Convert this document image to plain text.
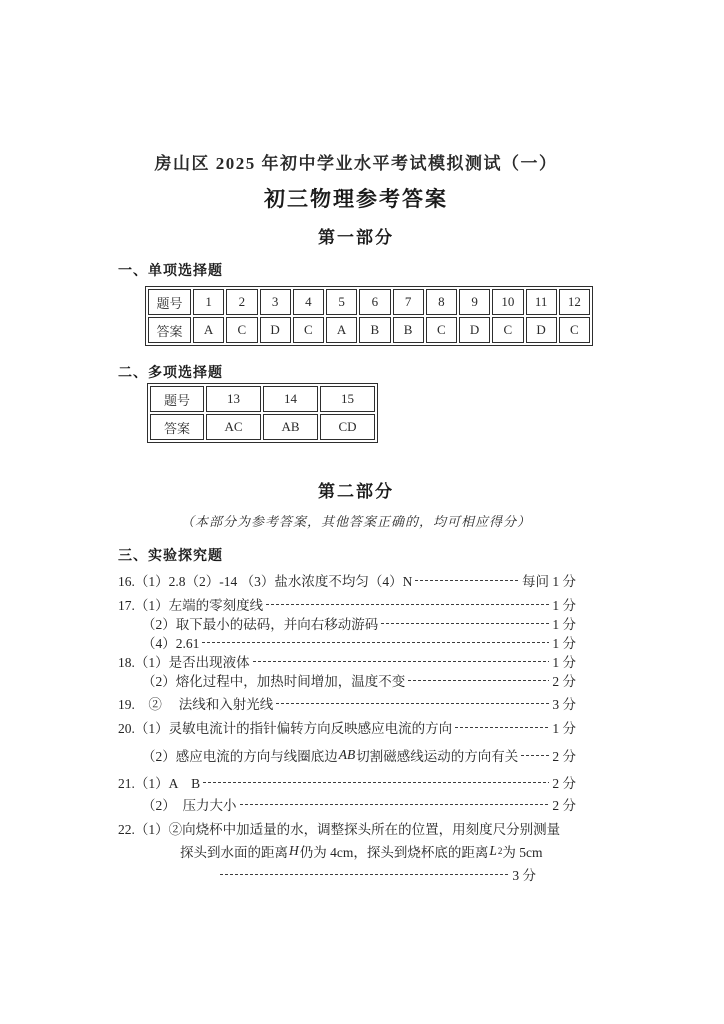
房山区 2025 年初中学业水平考试模拟测试（一）
初三物理参考答案
第一部分
一、单项选择题
题号	1	2	3	4	5	6	7	8	9	10	11	12
答案	A	C	D	C	A	B	B	C	D	C	D	C
二、多项选择题
题号	13	14	15
答案	AC	AB	CD
第二部分
（本部分为参考答案，其他答案正确的，均可相应得分）
三、实验探究题
16.（1）2.8（2）-14 （3）盐水浓度不均匀（4）N	每问 1 分
17.（1）左端的零刻度线	1 分
（2）取下最小的砝码，并向右移动游码	1 分
（4）2.61	1 分
18.（1）是否出现液体	1 分
（2）熔化过程中，加热时间增加，温度不变	2 分
19.　②　 法线和入射光线	3 分
20.（1）灵敏电流计的指针偏转方向反映感应电流的方向	1 分
（2）感应电流的方向与线圈底边 AB 切割磁感线运动的方向有关	2 分
21.（1）A　B	2 分
（2）　压力大小	2 分
22.（1）②向烧杯中加适量的水，调整探头所在的位置，用刻度尺分别测量
探头到水面的距离 H 仍为 4cm，探头到烧杯底的距离 L 2 为 5cm
3 分
